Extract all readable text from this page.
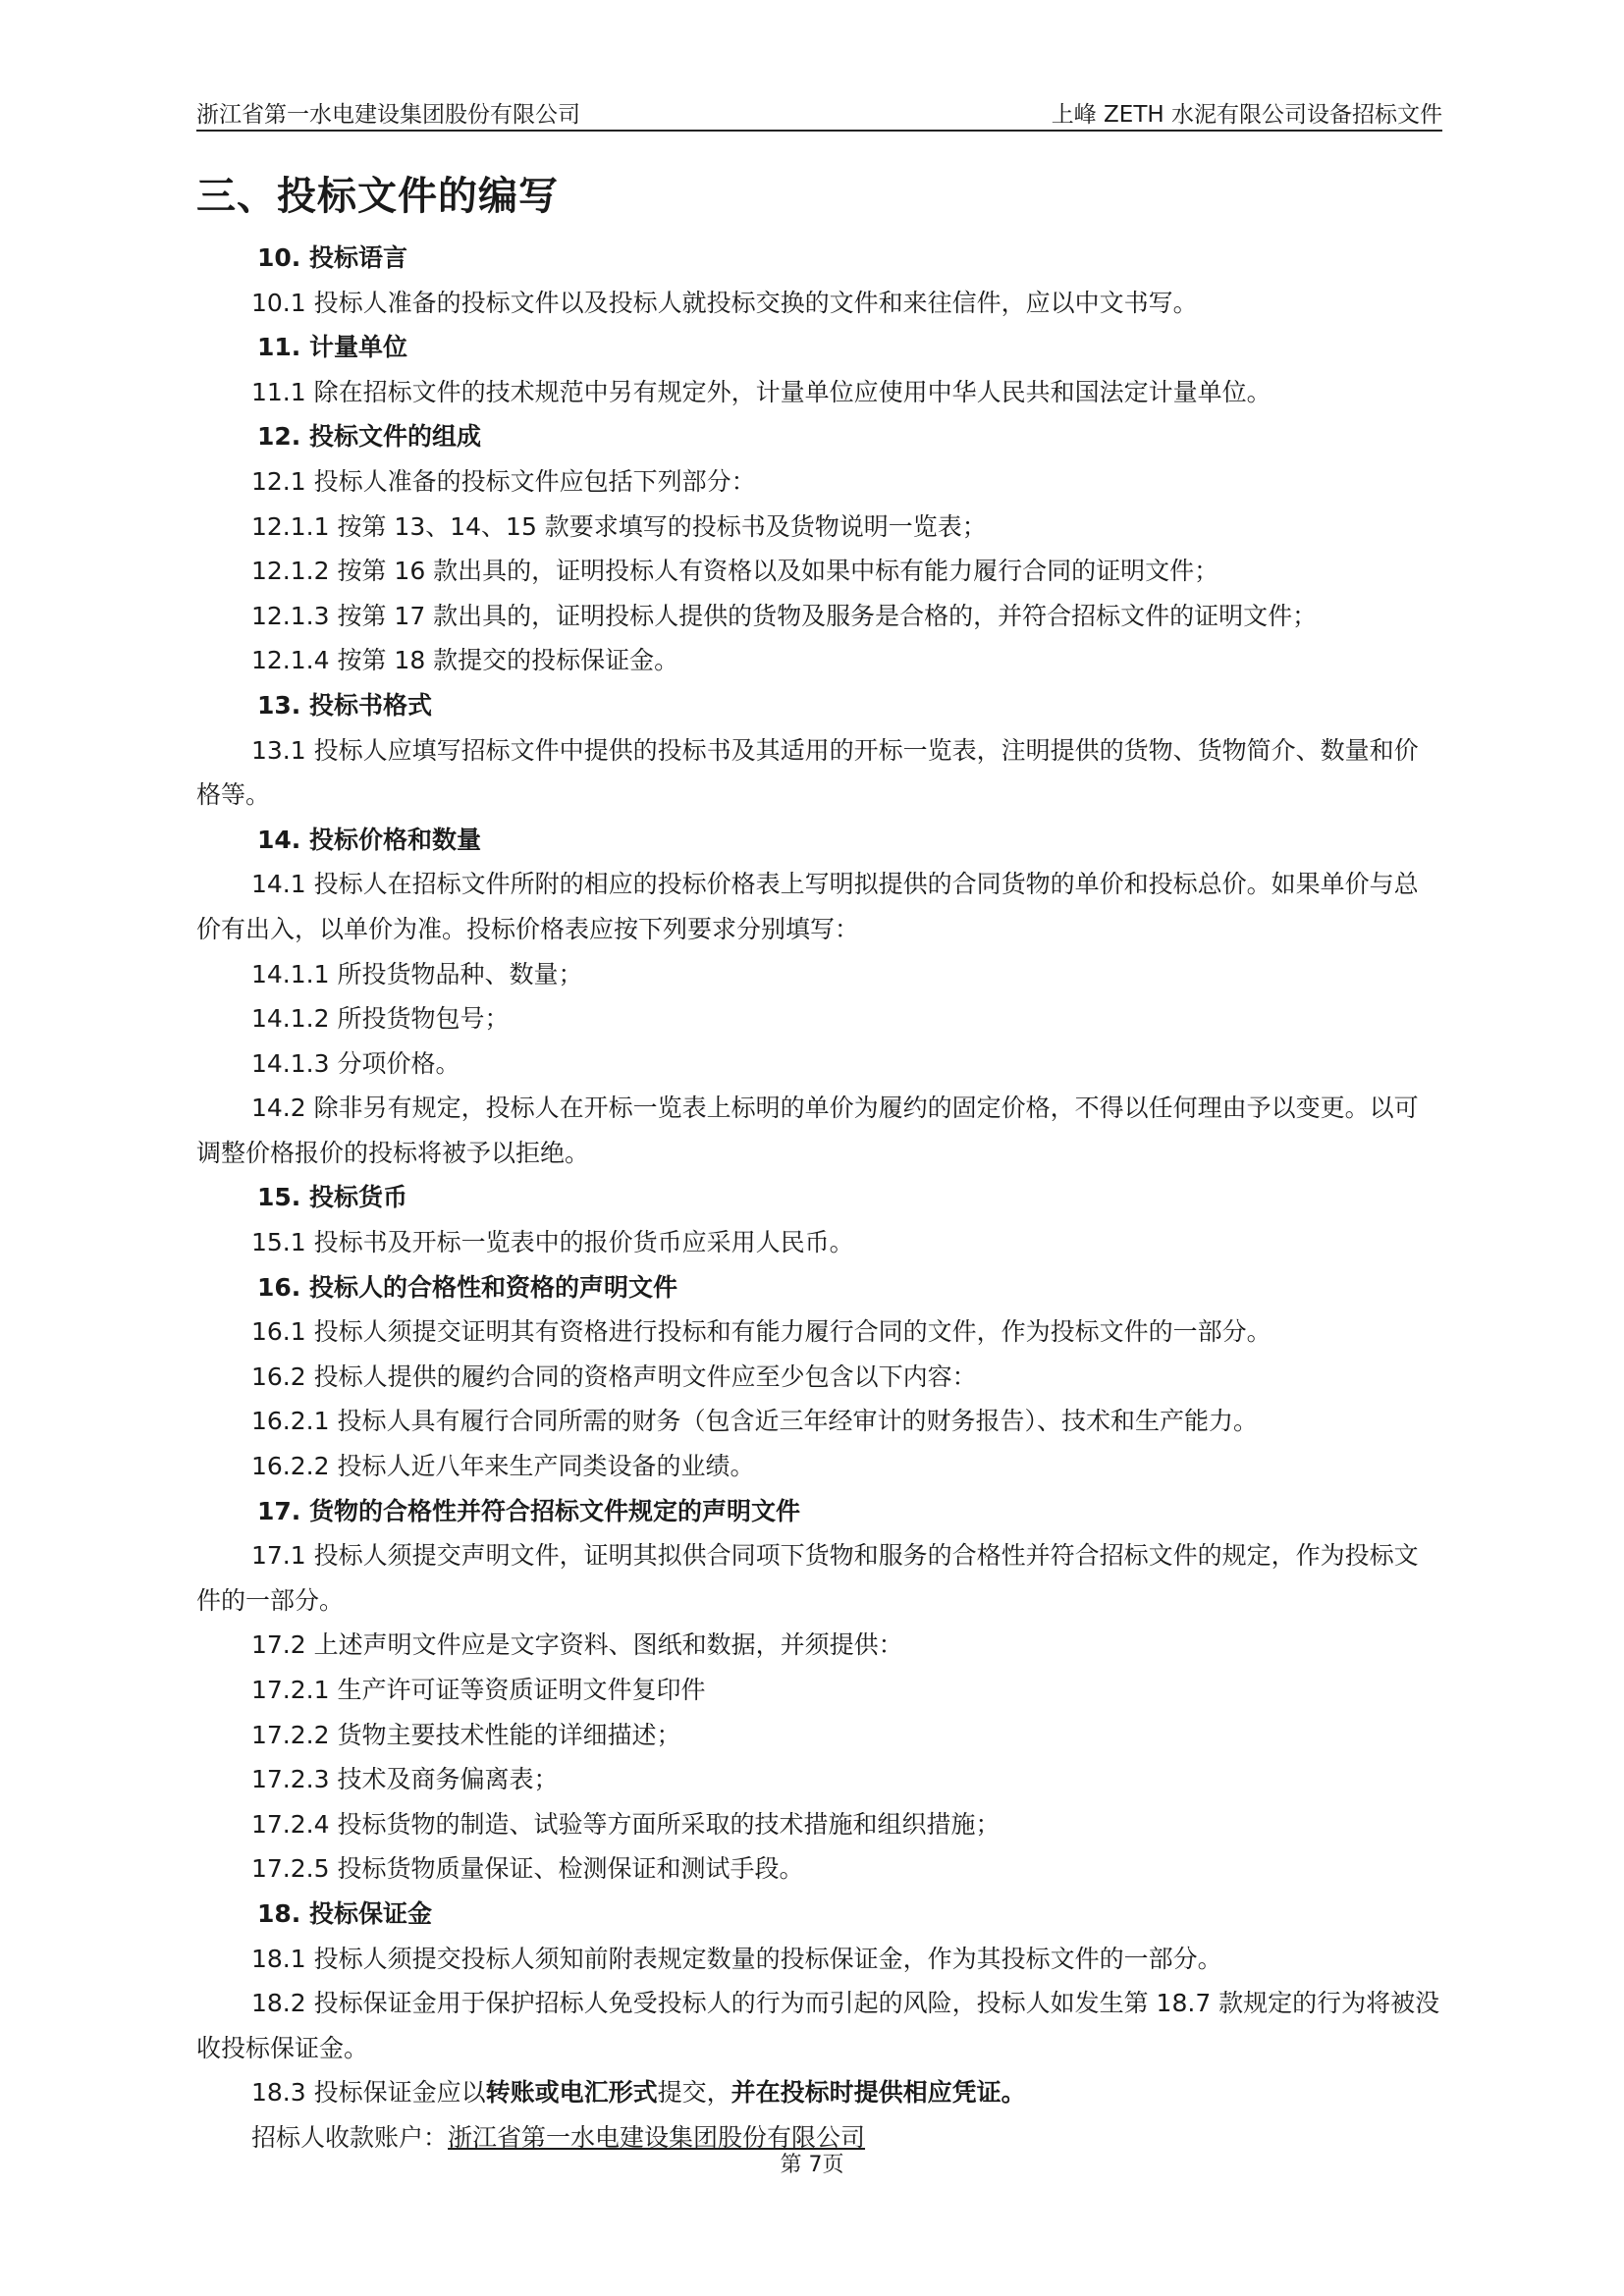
浙江省第一水电建设集团股份有限公司	上峰 ZETH 水泥有限公司设备招标文件
三、投标文件的编写

10. 投标语言

10.1 投标人准备的投标文件以及投标人就投标交换的文件和来往信件，应以中文书写。

11. 计量单位

11.1 除在招标文件的技术规范中另有规定外，计量单位应使用中华人民共和国法定计量单位。

12. 投标文件的组成

12.1 投标人准备的投标文件应包括下列部分：

12.1.1 按第 13、14、15 款要求填写的投标书及货物说明一览表；

12.1.2 按第 16 款出具的，证明投标人有资格以及如果中标有能力履行合同的证明文件；

12.1.3 按第 17 款出具的，证明投标人提供的货物及服务是合格的，并符合招标文件的证明文件；

12.1.4 按第 18 款提交的投标保证金。

13. 投标书格式

13.1 投标人应填写招标文件中提供的投标书及其适用的开标一览表，注明提供的货物、货物简介、数量和价格等。

14. 投标价格和数量

14.1 投标人在招标文件所附的相应的投标价格表上写明拟提供的合同货物的单价和投标总价。如果单价与总价有出入，以单价为准。投标价格表应按下列要求分别填写：

14.1.1 所投货物品种、数量；

14.1.2 所投货物包号；

14.1.3 分项价格。

14.2 除非另有规定，投标人在开标一览表上标明的单价为履约的固定价格，不得以任何理由予以变更。以可调整价格报价的投标将被予以拒绝。

15. 投标货币

15.1 投标书及开标一览表中的报价货币应采用人民币。

16. 投标人的合格性和资格的声明文件

16.1 投标人须提交证明其有资格进行投标和有能力履行合同的文件，作为投标文件的一部分。

16.2 投标人提供的履约合同的资格声明文件应至少包含以下内容：

16.2.1 投标人具有履行合同所需的财务（包含近三年经审计的财务报告）、技术和生产能力。

16.2.2 投标人近八年来生产同类设备的业绩。

17. 货物的合格性并符合招标文件规定的声明文件

17.1 投标人须提交声明文件，证明其拟供合同项下货物和服务的合格性并符合招标文件的规定，作为投标文件的一部分。

17.2 上述声明文件应是文字资料、图纸和数据，并须提供：

17.2.1 生产许可证等资质证明文件复印件

17.2.2 货物主要技术性能的详细描述；

17.2.3 技术及商务偏离表；

17.2.4 投标货物的制造、试验等方面所采取的技术措施和组织措施；

17.2.5 投标货物质量保证、检测保证和测试手段。

18. 投标保证金

18.1 投标人须提交投标人须知前附表规定数量的投标保证金，作为其投标文件的一部分。

18.2 投标保证金用于保护招标人免受投标人的行为而引起的风险，投标人如发生第 18.7 款规定的行为将被没收投标保证金。

18.3 投标保证金应以转账或电汇形式提交，并在投标时提供相应凭证。

招标人收款账户：浙江省第一水电建设集团股份有限公司

第 7页
